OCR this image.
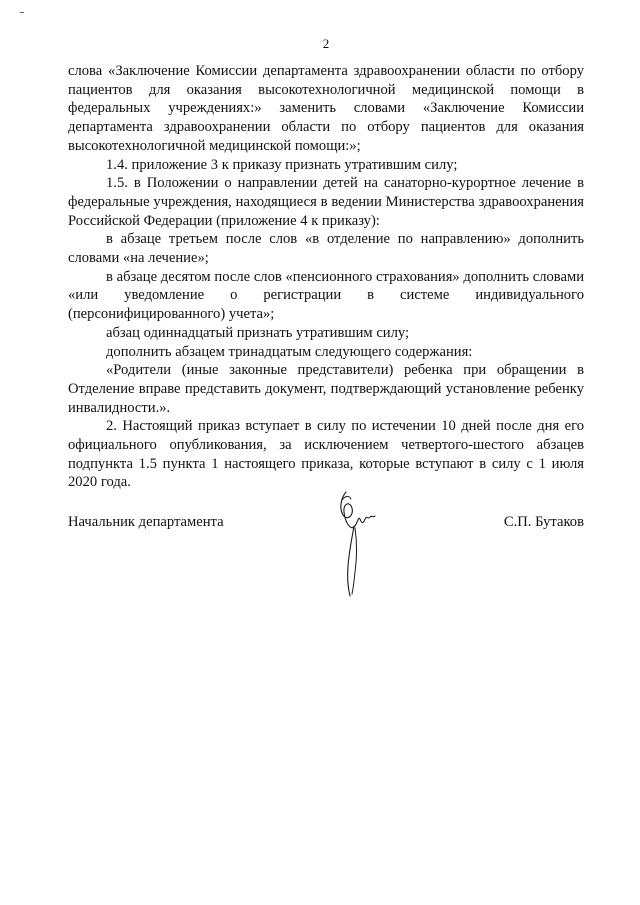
2

слова «Заключение Комиссии департамента здравоохранении области по отбору пациентов для оказания высокотехнологичной медицинской помощи в федеральных учреждениях:» заменить словами «Заключение Комиссии департамента здравоохранении области по отбору пациентов для оказания высокотехнологичной медицинской помощи:»;

1.4. приложение 3 к приказу признать утратившим силу;

1.5. в Положении о направлении детей на санаторно-курортное лечение в федеральные учреждения, находящиеся в ведении Министерства здравоохранения Российской Федерации (приложение 4 к приказу):

в абзаце третьем после слов «в отделение по направлению» дополнить словами «на лечение»;

в абзаце десятом после слов «пенсионного страхования» дополнить словами «или уведомление о регистрации в системе индивидуального (персонифицированного) учета»;

абзац одиннадцатый признать утратившим силу;

дополнить абзацем тринадцатым следующего содержания:

«Родители (иные законные представители) ребенка при обращении в Отделение вправе представить документ, подтверждающий установление ребенку инвалидности.».

2. Настоящий приказ вступает в силу по истечении 10 дней после дня его официального опубликования, за исключением четвертого-шестого абзацев подпункта 1.5 пункта 1 настоящего приказа, которые вступают в силу с 1 июля 2020 года.

Начальник департамента	С.П. Бутаков
